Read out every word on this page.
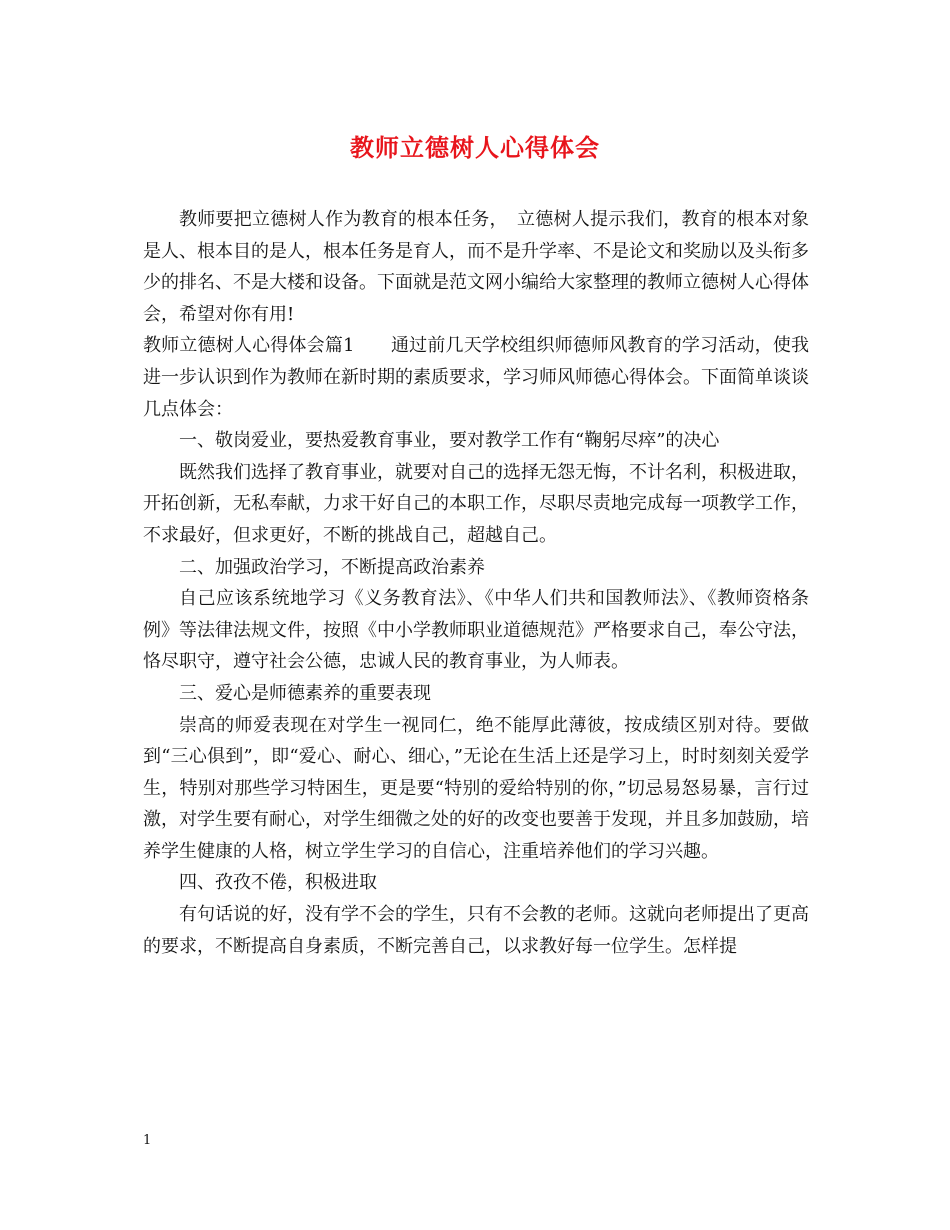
教师立德树人心得体会

教师要把立德树人作为教育的根本任务，　立德树人提示我们，教育的根本对象是人、根本目的是人，根本任务是育人，而不是升学率、不是论文和奖励以及头衔多少的排名、不是大楼和设备。下面就是范文网小编给大家整理的教师立德树人心得体会，希望对你有用!

教师立德树人心得体会篇1　　通过前几天学校组织师德师风教育的学习活动，使我进一步认识到作为教师在新时期的素质要求，学习师风师德心得体会。下面简单谈谈几点体会：

一、敬岗爱业，要热爱教育事业，要对教学工作有“鞠躬尽瘁”的决心

既然我们选择了教育事业，就要对自己的选择无怨无悔，不计名利，积极进取，开拓创新，无私奉献，力求干好自己的本职工作，尽职尽责地完成每一项教学工作，不求最好，但求更好，不断的挑战自己，超越自己。

二、加强政治学习，不断提高政治素养

自己应该系统地学习《义务教育法》、《中华人们共和国教师法》、《教师资格条例》等法律法规文件，按照《中小学教师职业道德规范》严格要求自己，奉公守法，恪尽职守，遵守社会公德，忠诚人民的教育事业，为人师表。

三、爱心是师德素养的重要表现

崇高的师爱表现在对学生一视同仁，绝不能厚此薄彼，按成绩区别对待。要做到“三心俱到”，即“爱心、耐心、细心，”无论在生活上还是学习上，时时刻刻关爱学生，特别对那些学习特困生，更是要“特别的爱给特别的你，”切忌易怒易暴，言行过激，对学生要有耐心，对学生细微之处的好的改变也要善于发现，并且多加鼓励，培养学生健康的人格，树立学生学习的自信心，注重培养他们的学习兴趣。

四、孜孜不倦，积极进取

有句话说的好，没有学不会的学生，只有不会教的老师。这就向老师提出了更高的要求，不断提高自身素质，不断完善自己，以求教好每一位学生。怎样提

1
